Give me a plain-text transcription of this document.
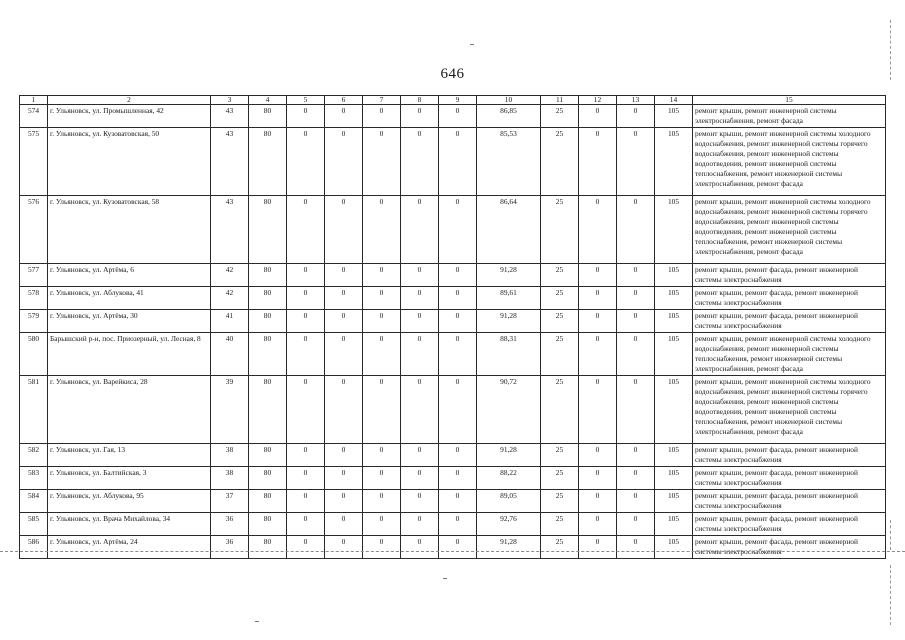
646
1	2	3	4	5	6	7	8	9	10	11	12	13	14	15
574	г. Ульяновск, ул. Промышленная, 42	43	80	0	0	0	0	0	86,85	25	0	0	105	ремонт крыши, ремонт инженерной системы электроснабжения, ремонт фасада
575	г. Ульяновск, ул. Кузоватовская, 50	43	80	0	0	0	0	0	85,53	25	0	0	105	ремонт крыши, ремонт инженерной системы холодного водоснабжения, ремонт инженерной системы горячего водоснабжения, ремонт инженерной системы водоотведения, ремонт инженерной системы теплоснабжения, ремонт инженерной системы электроснабжения, ремонт фасада
576	г. Ульяновск, ул. Кузоватовская, 58	43	80	0	0	0	0	0	86,64	25	0	0	105	ремонт крыши, ремонт инженерной системы холодного водоснабжения, ремонт инженерной системы горячего водоснабжения, ремонт инженерной системы водоотведения, ремонт инженерной системы теплоснабжения, ремонт инженерной системы электроснабжения, ремонт фасада
577	г. Ульяновск, ул. Артёма, 6	42	80	0	0	0	0	0	91,28	25	0	0	105	ремонт крыши, ремонт фасада, ремонт инженерной системы электроснабжения
578	г. Ульяновск, ул. Аблукова, 41	42	80	0	0	0	0	0	89,61	25	0	0	105	ремонт крыши, ремонт фасада, ремонт инженерной системы электроснабжения
579	г. Ульяновск, ул. Артёма, 30	41	80	0	0	0	0	0	91,28	25	0	0	105	ремонт крыши, ремонт фасада, ремонт инженерной системы электроснабжения
580	Барышский р-н, пос. Приозерный, ул. Лесная, 8	40	80	0	0	0	0	0	88,31	25	0	0	105	ремонт крыши, ремонт инженерной системы холодного водоснабжения, ремонт инженерной системы теплоснабжения, ремонт инженерной системы электроснабжения, ремонт фасада
581	г. Ульяновск, ул. Варейкиса, 28	39	80	0	0	0	0	0	90,72	25	0	0	105	ремонт крыши, ремонт инженерной системы холодного водоснабжения, ремонт инженерной системы горячего водоснабжения, ремонт инженерной системы водоотведения, ремонт инженерной системы теплоснабжения, ремонт инженерной системы электроснабжения, ремонт фасада
582	г. Ульяновск, ул. Гая, 13	38	80	0	0	0	0	0	91,28	25	0	0	105	ремонт крыши, ремонт фасада, ремонт инженерной системы электроснабжения
583	г. Ульяновск, ул. Балтийская, 3	38	80	0	0	0	0	0	88,22	25	0	0	105	ремонт крыши, ремонт фасада, ремонт инженерной системы электроснабжения
584	г. Ульяновск, ул. Аблукова, 95	37	80	0	0	0	0	0	89,05	25	0	0	105	ремонт крыши, ремонт фасада, ремонт инженерной системы электроснабжения
585	г. Ульяновск, ул. Врача Михайлова, 34	36	80	0	0	0	0	0	92,76	25	0	0	105	ремонт крыши, ремонт фасада, ремонт инженерной системы электроснабжения
586	г. Ульяновск, ул. Артёма, 24	36	80	0	0	0	0	0	91,28	25	0	0	105	ремонт крыши, ремонт фасада, ремонт инженерной системы электроснабжения
